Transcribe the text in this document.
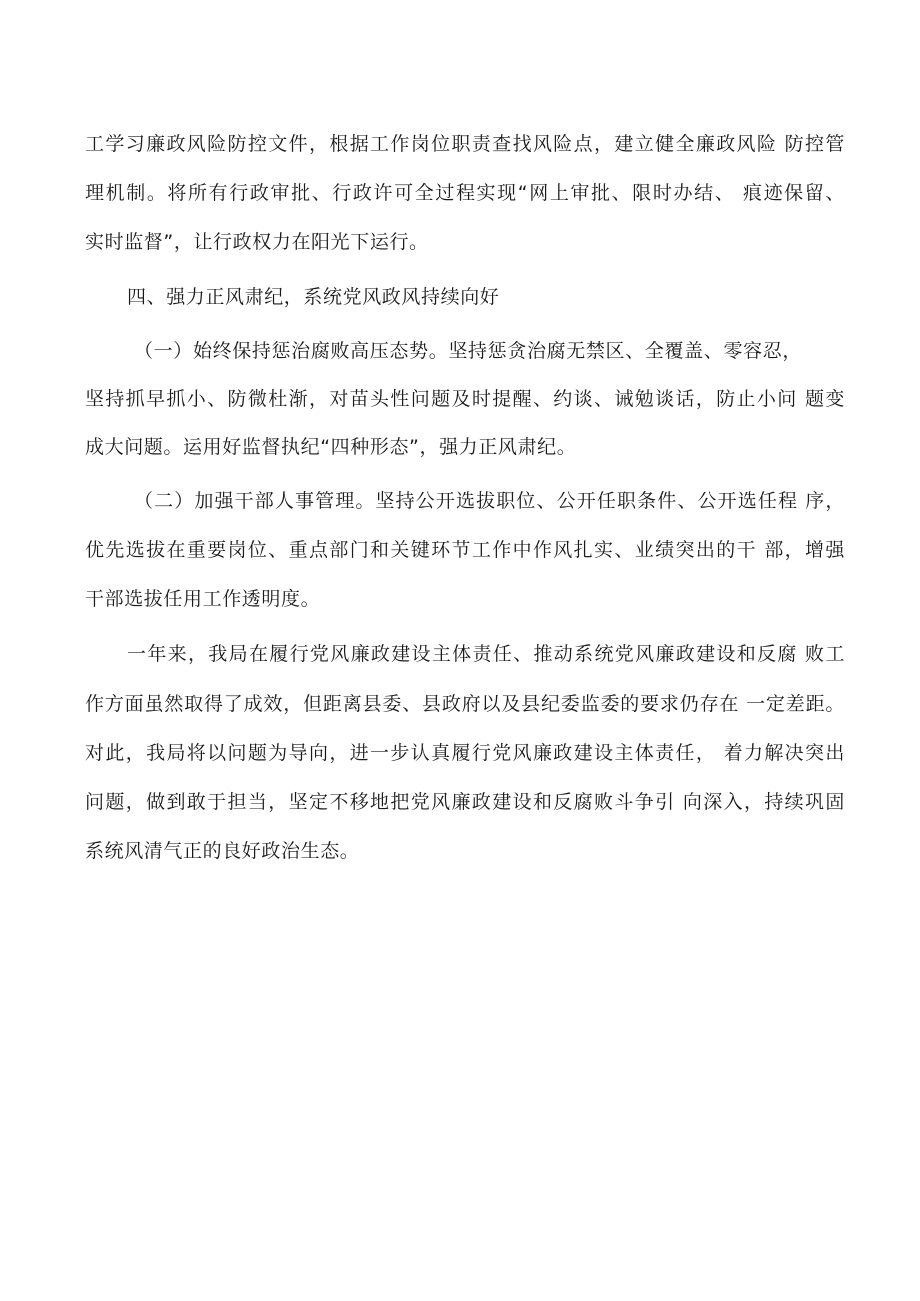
工学习廉政风险防控文件，根据工作岗位职责查找风险点，建立健全廉政风险 防控管
理机制。将所有行政审批、行政许可全过程实现“网上审批、限时办结、 痕迹保留、
实时监督”，让行政权力在阳光下运行。
四、强力正风肃纪，系统党风政风持续向好
（一）始终保持惩治腐败高压态势。坚持惩贪治腐无禁区、全覆盖、零容忍，
坚持抓早抓小、防微杜渐，对苗头性问题及时提醒、约谈、诫勉谈话，防止小问 题变
成大问题。运用好监督执纪“四种形态”，强力正风肃纪。
（二）加强干部人事管理。坚持公开选拔职位、公开任职条件、公开选任程 序，
优先选拔在重要岗位、重点部门和关键环节工作中作风扎实、业绩突出的干 部，增强
干部选拔任用工作透明度。
一年来，我局在履行党风廉政建设主体责任、推动系统党风廉政建设和反腐 败工
作方面虽然取得了成效，但距离县委、县政府以及县纪委监委的要求仍存在 一定差距。
对此，我局将以问题为导向，进一步认真履行党风廉政建设主体责任， 着力解决突出
问题，做到敢于担当，坚定不移地把党风廉政建设和反腐败斗争引 向深入，持续巩固
系统风清气正的良好政治生态。
